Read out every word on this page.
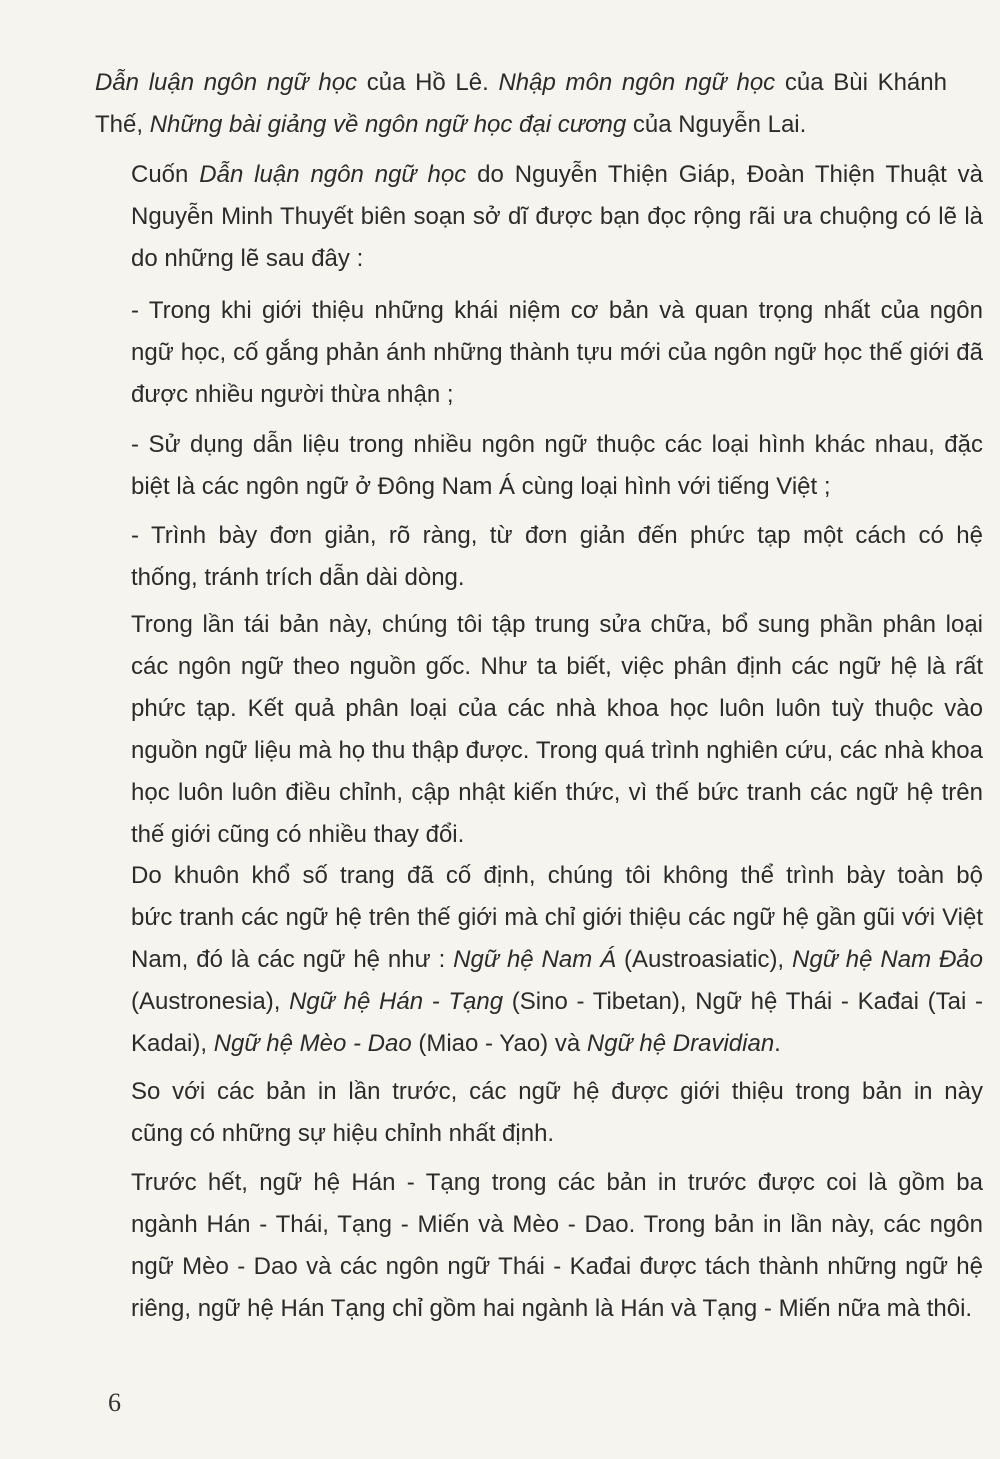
Dẫn luận ngôn ngữ học của Hồ Lê. Nhập môn ngôn ngữ học của Bùi Khánh
Thế, Những bài giảng về ngôn ngữ học đại cương của Nguyễn Lai.
Cuốn Dẫn luận ngôn ngữ học do Nguyễn Thiện Giáp, Đoàn Thiện Thuật và
Nguyễn Minh Thuyết biên soạn sở dĩ được bạn đọc rộng rãi ưa chuộng có lẽ là
do những lẽ sau đây :
- Trong khi giới thiệu những khái niệm cơ bản và quan trọng nhất của ngôn
ngữ học, cố gắng phản ánh những thành tựu mới của ngôn ngữ học thế giới đã
được nhiều người thừa nhận ;
- Sử dụng dẫn liệu trong nhiều ngôn ngữ thuộc các loại hình khác nhau, đặc
biệt là các ngôn ngữ ở Đông Nam Á cùng loại hình với tiếng Việt ;
- Trình bày đơn giản, rõ ràng, từ đơn giản đến phức tạp một cách có hệ
thống, tránh trích dẫn dài dòng.
Trong lần tái bản này, chúng tôi tập trung sửa chữa, bổ sung phần phân loại
các ngôn ngữ theo nguồn gốc. Như ta biết, việc phân định các ngữ hệ là rất
phức tạp. Kết quả phân loại của các nhà khoa học luôn luôn tuỳ thuộc vào
nguồn ngữ liệu mà họ thu thập được. Trong quá trình nghiên cứu, các nhà khoa
học luôn luôn điều chỉnh, cập nhật kiến thức, vì thế bức tranh các ngữ hệ trên
thế giới cũng có nhiều thay đổi.
Do khuôn khổ số trang đã cố định, chúng tôi không thể trình bày toàn bộ
bức tranh các ngữ hệ trên thế giới mà chỉ giới thiệu các ngữ hệ gần gũi với Việt
Nam, đó là các ngữ hệ như : Ngữ hệ Nam Á (Austroasiatic), Ngữ hệ Nam Đảo
(Austronesia), Ngữ hệ Hán - Tạng (Sino - Tibetan), Ngữ hệ Thái - Kađai (Tai -
Kadai), Ngữ hệ Mèo - Dao (Miao - Yao) và Ngữ hệ Dravidian.
So với các bản in lần trước, các ngữ hệ được giới thiệu trong bản in này
cũng có những sự hiệu chỉnh nhất định.
Trước hết, ngữ hệ Hán - Tạng trong các bản in trước được coi là gồm ba
ngành Hán - Thái, Tạng - Miến và Mèo - Dao. Trong bản in lần này, các ngôn
ngữ Mèo - Dao và các ngôn ngữ Thái - Kađai được tách thành những ngữ hệ
riêng, ngữ hệ Hán Tạng chỉ gồm hai ngành là Hán và Tạng - Miến nữa mà thôi.
6
